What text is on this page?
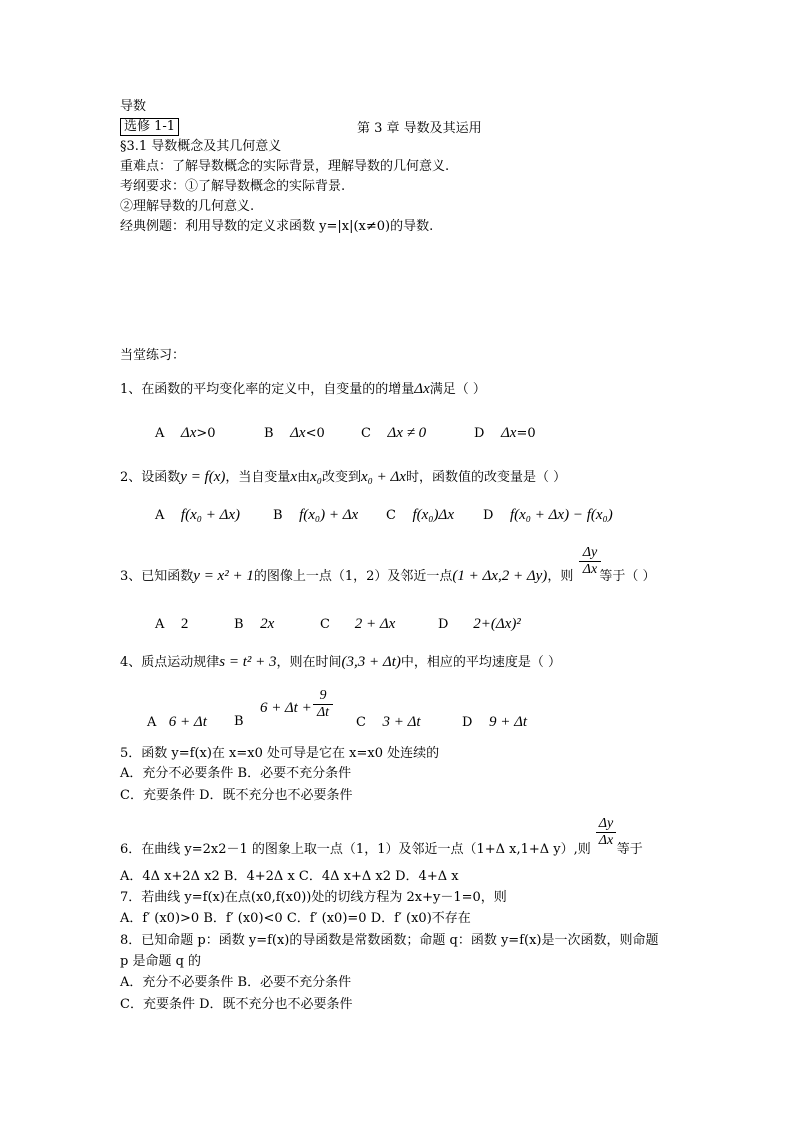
导数
选修 1-1	第 3 章 导数及其运用
§3.1 导数概念及其几何意义
重难点：了解导数概念的实际背景，理解导数的几何意义.
考纲要求：①了解导数概念的实际背景.
②理解导数的几何意义.
经典例题：利用导数的定义求函数 y=|x|(x≠0)的导数.
当堂练习：
1、在函数的平均变化率的定义中，自变量的的增量Δx满足（ ）
A Δx>0	B Δx<0	C Δx ≠ 0	D Δx=0
2、设函数y = f(x)，当自变量x由x₀改变到x₀ + Δx时，函数值的改变量是（ ）
A f(x₀ + Δx)	B f(x₀) + Δx C f(x₀)Δx D f(x₀ + Δx) − f(x₀)
3、已知函数y = x² + 1的图像上一点（1，2）及邻近一点(1 + Δx,2 + Δy)，则 等于（ ）
$\frac{\Delta y}{\Delta x}$
A 2	B 2x	C 2 + Δx	D 2+(Δx)²
4、质点运动规律s = t² + 3，则在时间(3,3 + Δt)中，相应的平均速度是（ ）
A 6 + Δt B
$6 + \Delta t + \frac{9}{\Delta t}$
C 3 + Δt	D 9 + Δt
5．函数 y=f(x)在 x=x0 处可导是它在 x=x0 处连续的
A．充分不必要条件 B．必要不充分条件
C．充要条件 D．既不充分也不必要条件
$\frac{\Delta y}{\Delta x}$
6．在曲线 y=2x2－1 的图象上取一点（1，1）及邻近一点（1+Δ x,1+Δ y）,则 等于
A．4Δ x+2Δ x2 B．4+2Δ x C．4Δ x+Δ x2 D．4+Δ x
7．若曲线 y=f(x)在点(x0,f(x0))处的切线方程为 2x+y－1=0，则
A．f′ (x0)>0 B．f′ (x0)<0 C．f′ (x0)=0 D．f′ (x0)不存在
8．已知命题 p：函数 y=f(x)的导函数是常数函数；命题 q：函数 y=f(x)是一次函数，则命题
p 是命题 q 的
A．充分不必要条件 B．必要不充分条件
C．充要条件 D．既不充分也不必要条件
